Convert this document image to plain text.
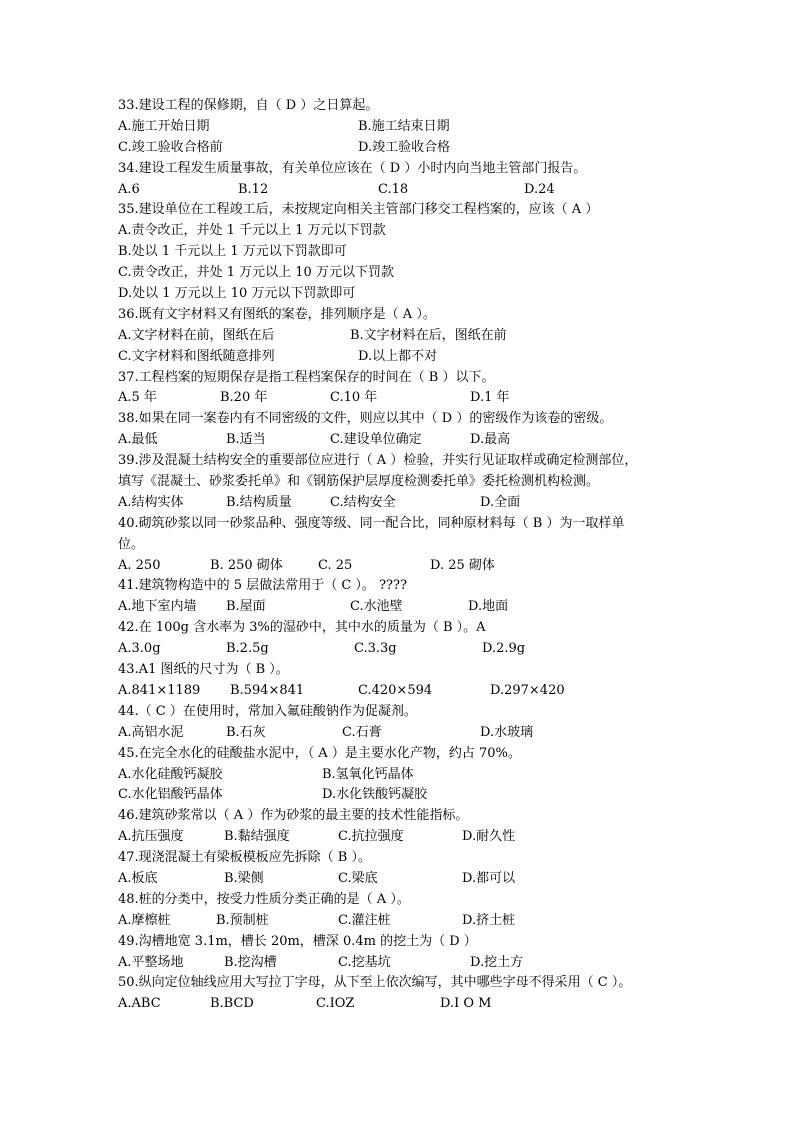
33.建设工程的保修期，自（ D ）之日算起。
A.施工开始日期	B.施工结束日期
C.竣工验收合格前	D.竣工验收合格
34.建设工程发生质量事故，有关单位应该在（ D ）小时内向当地主管部门报告。
A.6	B.12	C.18	D.24
35.建设单位在工程竣工后，未按规定向相关主管部门移交工程档案的，应该（ A ）
A.责令改正，并处 1 千元以上 1 万元以下罚款
B.处以 1 千元以上 1 万元以下罚款即可
C.责令改正，并处 1 万元以上 10 万元以下罚款
D.处以 1 万元以上 10 万元以下罚款即可
36.既有文字材料又有图纸的案卷，排列顺序是（ A ）。
A.文字材料在前，图纸在后	B.文字材料在后，图纸在前
C.文字材料和图纸随意排列	D.以上都不对
37.工程档案的短期保存是指工程档案保存的时间在（ B ）以下。
A.5 年	B.20 年	C.10 年	D.1 年
38.如果在同一案卷内有不同密级的文件，则应以其中（ D ）的密级作为该卷的密级。
A.最低	B.适当	C.建设单位确定	D.最高
39.涉及混凝土结构安全的重要部位应进行（ A ）检验，并实行见证取样或确定检测部位，
填写《混凝土、砂浆委托单》和《钢筋保护层厚度检测委托单》委托检测机构检测。
A.结构实体	B.结构质量	C.结构安全	D.全面
40.砌筑砂浆以同一砂浆品种、强度等级、同一配合比，同种原材料每（ B ）为一取样单
位。
A. 250	B. 250 砌体	C. 25	D. 25 砌体
41.建筑物构造中的 5 层做法常用于（ C ）。 ????
A.地下室内墙 B.屋面	C.水池壁	D.地面
42.在 100g 含水率为 3%的湿砂中，其中水的质量为（ B ）。A
A.3.0g	B.2.5g	C.3.3g	D.2.9g
43.A1 图纸的尺寸为（ B ）。
A.841×1189 B.594×841	C.420×594	D.297×420
44.（ C ）在使用时，常加入氟硅酸钠作为促凝剂。
A.高铝水泥	B.石灰	C.石膏	D.水玻璃
45.在完全水化的硅酸盐水泥中，（ A ）是主要水化产物，约占 70%。
A.水化硅酸钙凝胶	B.氢氧化钙晶体
C.水化铝酸钙晶体	D.水化铁酸钙凝胶
46.建筑砂浆常以（ A ）作为砂浆的最主要的技术性能指标。
A.抗压强度	B.黏结强度	C.抗拉强度	D.耐久性
47.现浇混凝土有梁板模板应先拆除（ B ）。
A.板底	B.梁侧	C.梁底	D.都可以
48.桩的分类中，按受力性质分类正确的是（ A ）。
A.摩檫桩	B.预制桩	C.灌注桩	D.挤土桩
49.沟槽地宽 3.1m，槽长 20m，槽深 0.4m 的挖土为（ D ）
A.平整场地	B.挖沟槽	C.挖基坑	D.挖土方
50.纵向定位轴线应用大写拉丁字母，从下至上依次编写，其中哪些字母不得采用（ C ）。
A.ABC	B.BCD	C.IOZ	D.I O M
